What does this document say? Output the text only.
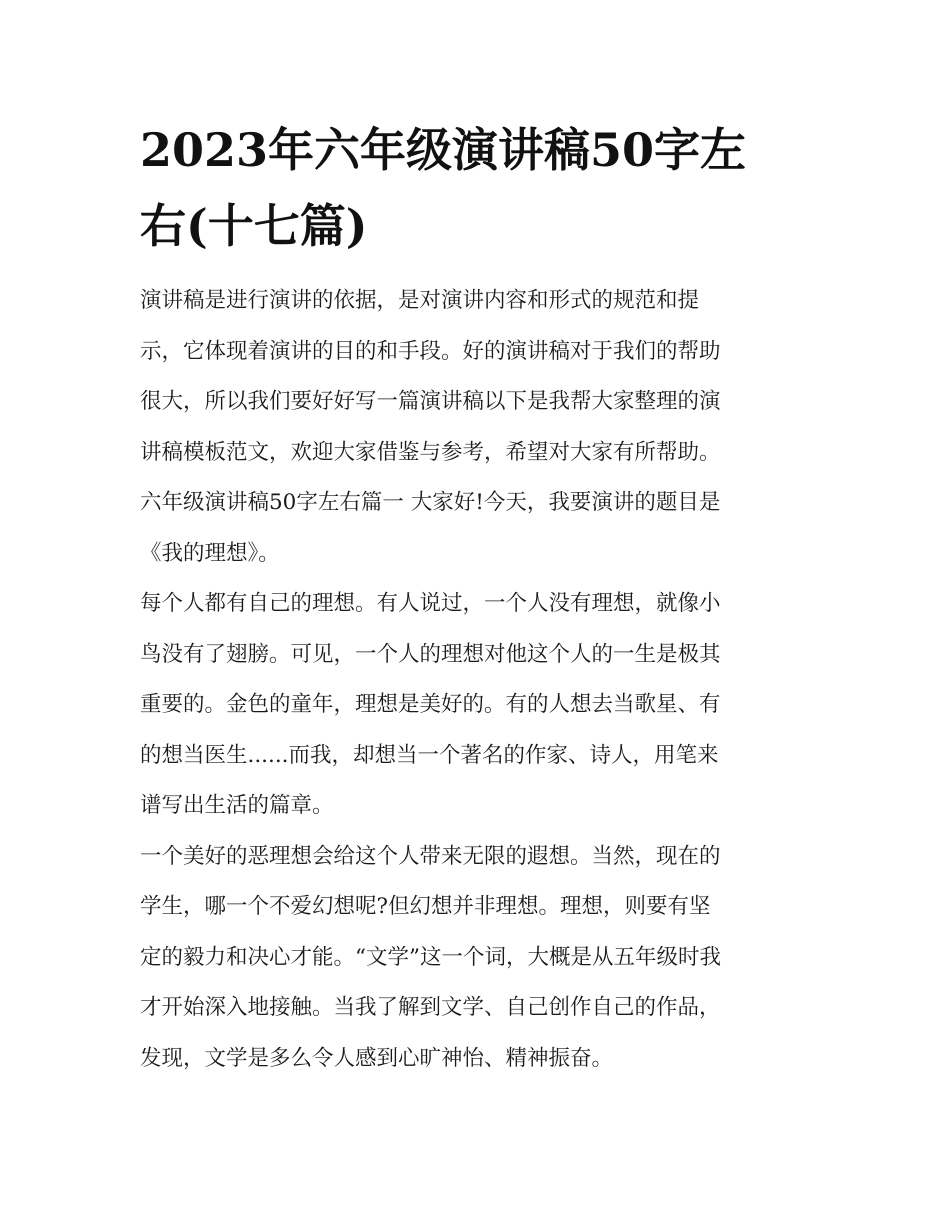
2023年六年级演讲稿50字左
右(十七篇)
演讲稿是进行演讲的依据，是对演讲内容和形式的规范和提
示，它体现着演讲的目的和手段。好的演讲稿对于我们的帮助
很大，所以我们要好好写一篇演讲稿以下是我帮大家整理的演
讲稿模板范文，欢迎大家借鉴与参考，希望对大家有所帮助。
六年级演讲稿50字左右篇一 大家好!今天，我要演讲的题目是
《我的理想》。
每个人都有自己的理想。有人说过，一个人没有理想，就像小
鸟没有了翅膀。可见，一个人的理想对他这个人的一生是极其
重要的。金色的童年，理想是美好的。有的人想去当歌星、有
的想当医生......而我，却想当一个著名的作家、诗人，用笔来
谱写出生活的篇章。
一个美好的恶理想会给这个人带来无限的遐想。当然，现在的
学生，哪一个不爱幻想呢?但幻想并非理想。理想，则要有坚
定的毅力和决心才能。“文学”这一个词，大概是从五年级时我
才开始深入地接触。当我了解到文学、自己创作自己的作品，
发现，文学是多么令人感到心旷神怡、精神振奋。
